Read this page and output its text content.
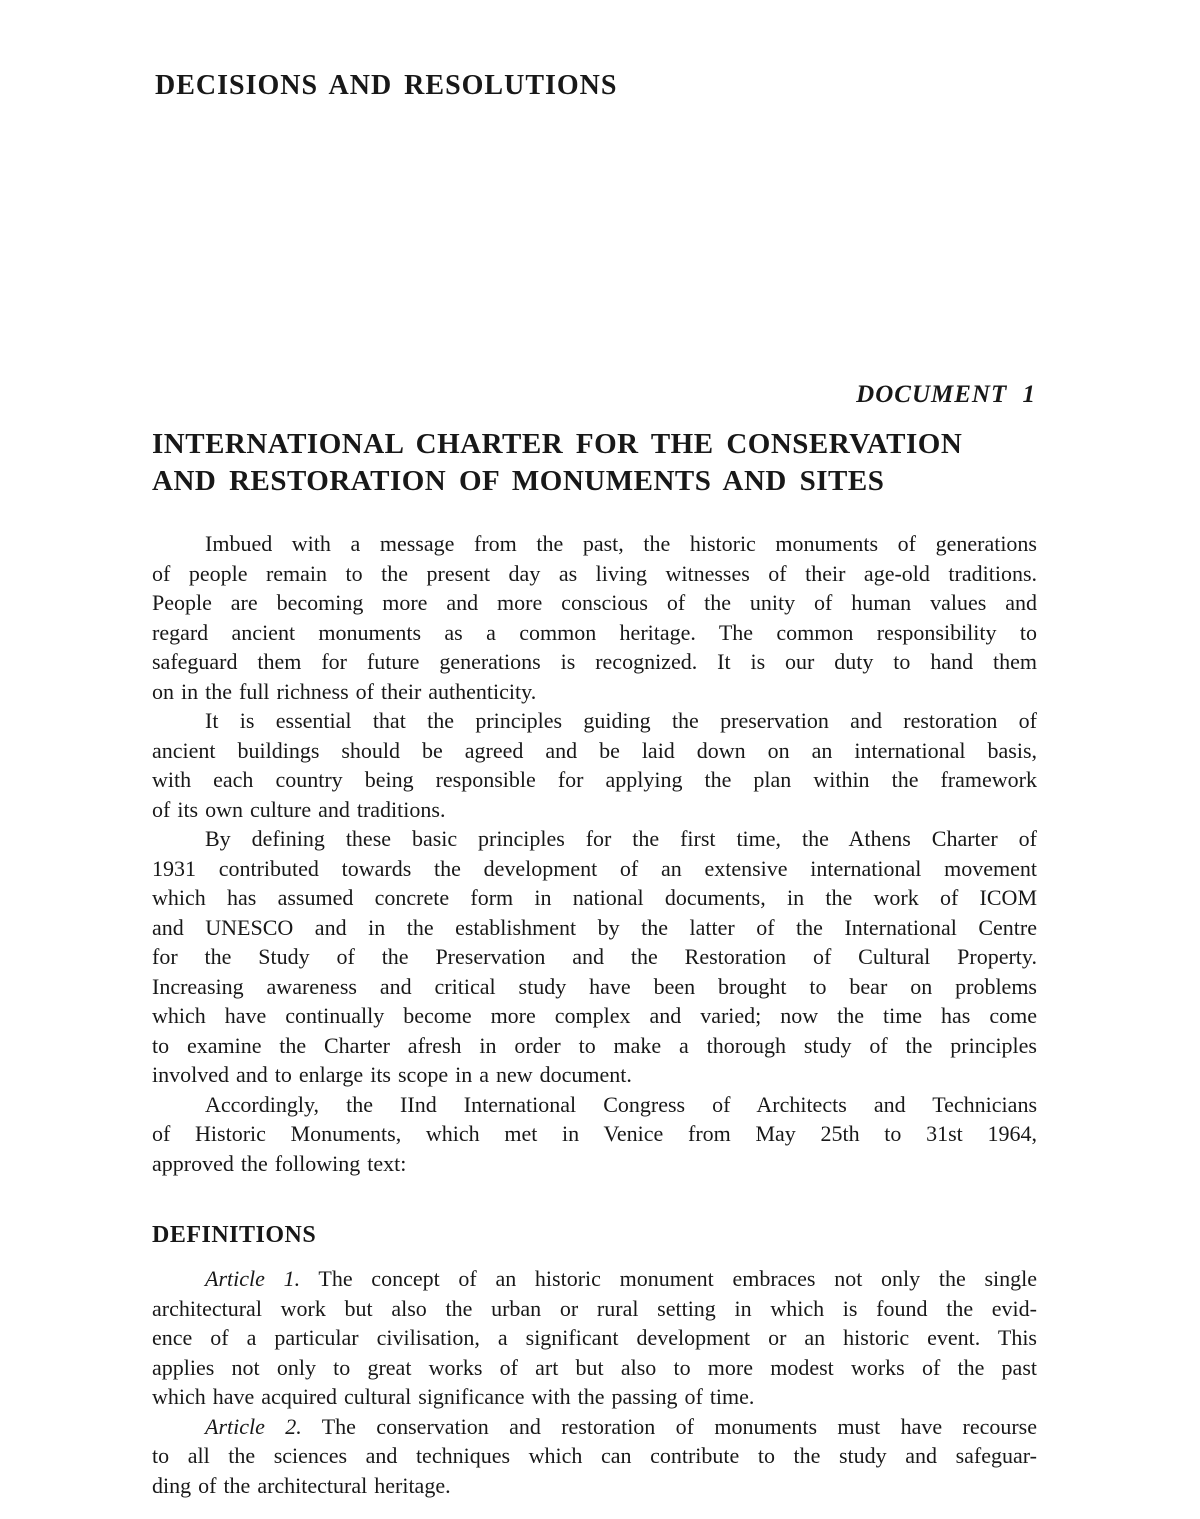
DECISIONS AND RESOLUTIONS
DOCUMENT 1
INTERNATIONAL CHARTER FOR THE CONSERVATION
AND RESTORATION OF MONUMENTS AND SITES
Imbued with a message from the past, the historic monuments of generations
of people remain to the present day as living witnesses of their age-old traditions.
People are becoming more and more conscious of the unity of human values and
regard ancient monuments as a common heritage. The common responsibility to
safeguard them for future generations is recognized. It is our duty to hand them
on in the full richness of their authenticity.
It is essential that the principles guiding the preservation and restoration of
ancient buildings should be agreed and be laid down on an international basis,
with each country being responsible for applying the plan within the framework
of its own culture and traditions.
By defining these basic principles for the first time, the Athens Charter of
1931 contributed towards the development of an extensive international movement
which has assumed concrete form in national documents, in the work of ICOM
and UNESCO and in the establishment by the latter of the International Centre
for the Study of the Preservation and the Restoration of Cultural Property.
Increasing awareness and critical study have been brought to bear on problems
which have continually become more complex and varied; now the time has come
to examine the Charter afresh in order to make a thorough study of the principles
involved and to enlarge its scope in a new document.
Accordingly, the IInd International Congress of Architects and Technicians
of Historic Monuments, which met in Venice from May 25th to 31st 1964,
approved the following text:
DEFINITIONS
Article 1. The concept of an historic monument embraces not only the single
architectural work but also the urban or rural setting in which is found the evid-
ence of a particular civilisation, a significant development or an historic event. This
applies not only to great works of art but also to more modest works of the past
which have acquired cultural significance with the passing of time.
Article 2. The conservation and restoration of monuments must have recourse
to all the sciences and techniques which can contribute to the study and safeguar-
ding of the architectural heritage.
